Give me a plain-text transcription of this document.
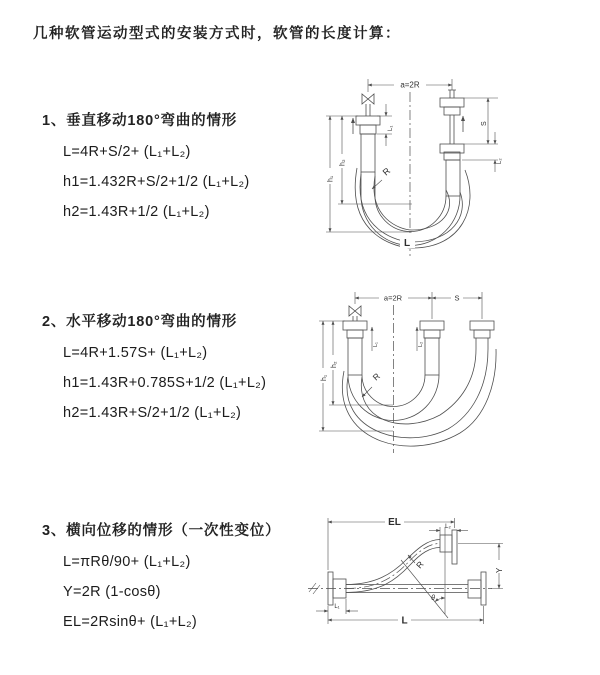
几种软管运动型式的安装方式时，软管的长度计算：
1、垂直移动180°弯曲的情形
L=4R+S/2+ (L₁+L₂)
h1=1.432R+S/2+1/2 (L₁+L₂)
h2=1.43R+1/2 (L₁+L₂)
a=2R
h₁
h₂
L₁
S
L₂
R
L
2、水平移动180°弯曲的情形
L=4R+1.57S+ (L₁+L₂)
h1=1.43R+0.785S+1/2 (L₁+L₂)
h2=1.43R+S/2+1/2 (L₁+L₂)
a=2R	S
h₁
h₂
L₁	L₂
R
3、横向位移的情形（一次性变位）
L=πRθ/90+ (L₁+L₂)
Y=2R (1-cosθ)
EL=2Rsinθ+ (L₁+L₂)
θ
R
EL	L₂
Y
L₁
L
